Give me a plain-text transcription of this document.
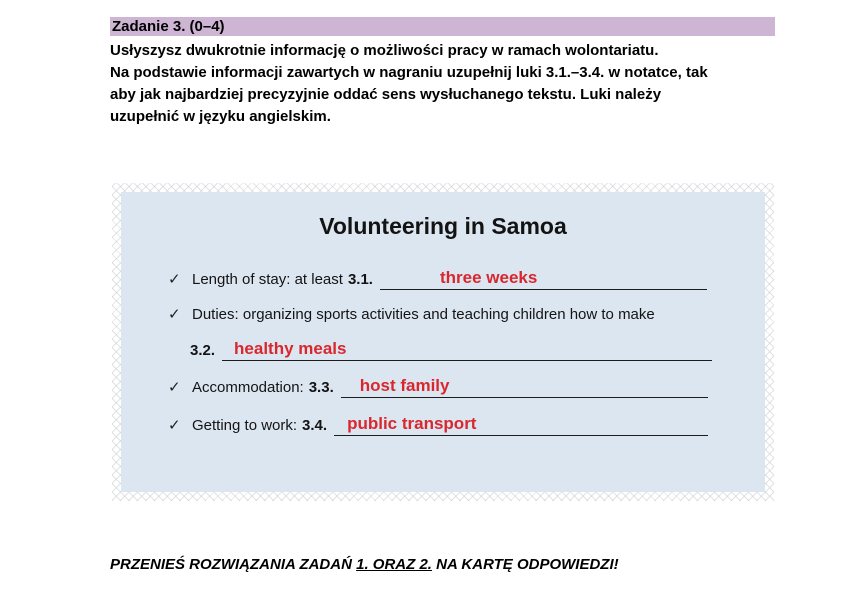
Zadanie 3. (0–4)
Usłyszysz dwukrotnie informację o możliwości pracy w ramach wolontariatu.
Na podstawie informacji zawartych w nagraniu uzupełnij luki 3.1.–3.4. w notatce, tak
aby jak najbardziej precyzyjnie oddać sens wysłuchanego tekstu. Luki należy
uzupełnić w języku angielskim.
Volunteering in Samoa
✓ Length of stay: at least 3.1.	three weeks
✓ Duties: organizing sports activities and teaching children how to make
3.2. healthy meals
✓ Accommodation: 3.3. host family
✓ Getting to work: 3.4. public transport
PRZENIEŚ ROZWIĄZANIA ZADAŃ 1. ORAZ 2. NA KARTĘ ODPOWIEDZI!
